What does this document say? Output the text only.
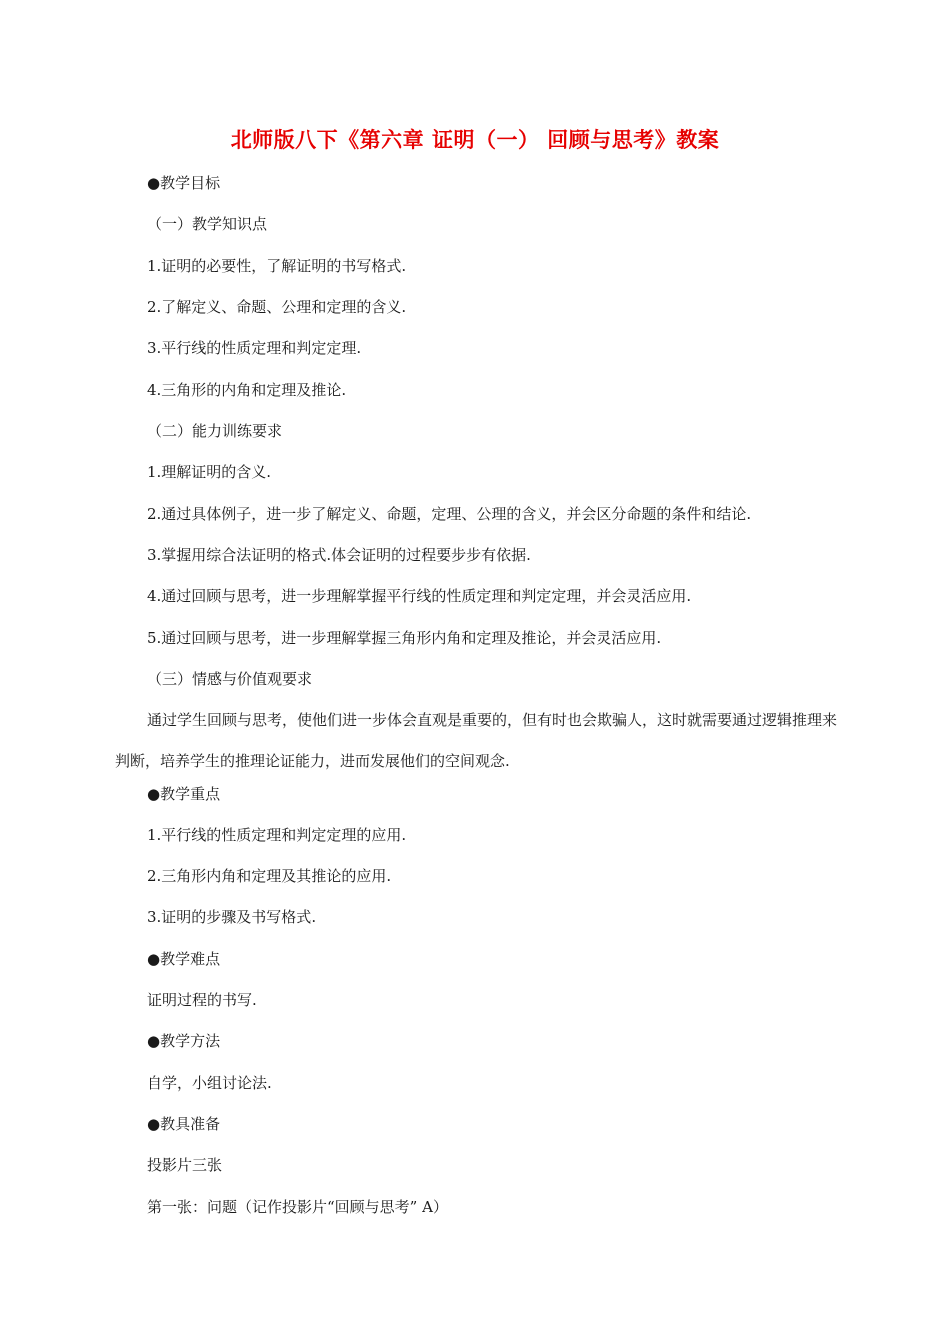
北师版八下《第六章 证明（一） 回顾与思考》教案
●教学目标
（一）教学知识点
1.证明的必要性，了解证明的书写格式.
2.了解定义、命题、公理和定理的含义.
3.平行线的性质定理和判定定理.
4.三角形的内角和定理及推论.
（二）能力训练要求
1.理解证明的含义.
2.通过具体例子，进一步了解定义、命题，定理、公理的含义，并会区分命题的条件和结论.
3.掌握用综合法证明的格式.体会证明的过程要步步有依据.
4.通过回顾与思考，进一步理解掌握平行线的性质定理和判定定理，并会灵活应用.
5.通过回顾与思考，进一步理解掌握三角形内角和定理及推论，并会灵活应用.
（三）情感与价值观要求
通过学生回顾与思考，使他们进一步体会直观是重要的，但有时也会欺骗人，这时就需要通过逻辑推理来判断，培养学生的推理论证能力，进而发展他们的空间观念.
●教学重点
1.平行线的性质定理和判定定理的应用.
2.三角形内角和定理及其推论的应用.
3.证明的步骤及书写格式.
●教学难点
证明过程的书写.
●教学方法
自学，小组讨论法.
●教具准备
投影片三张
第一张：问题（记作投影片“回顾与思考” A）
